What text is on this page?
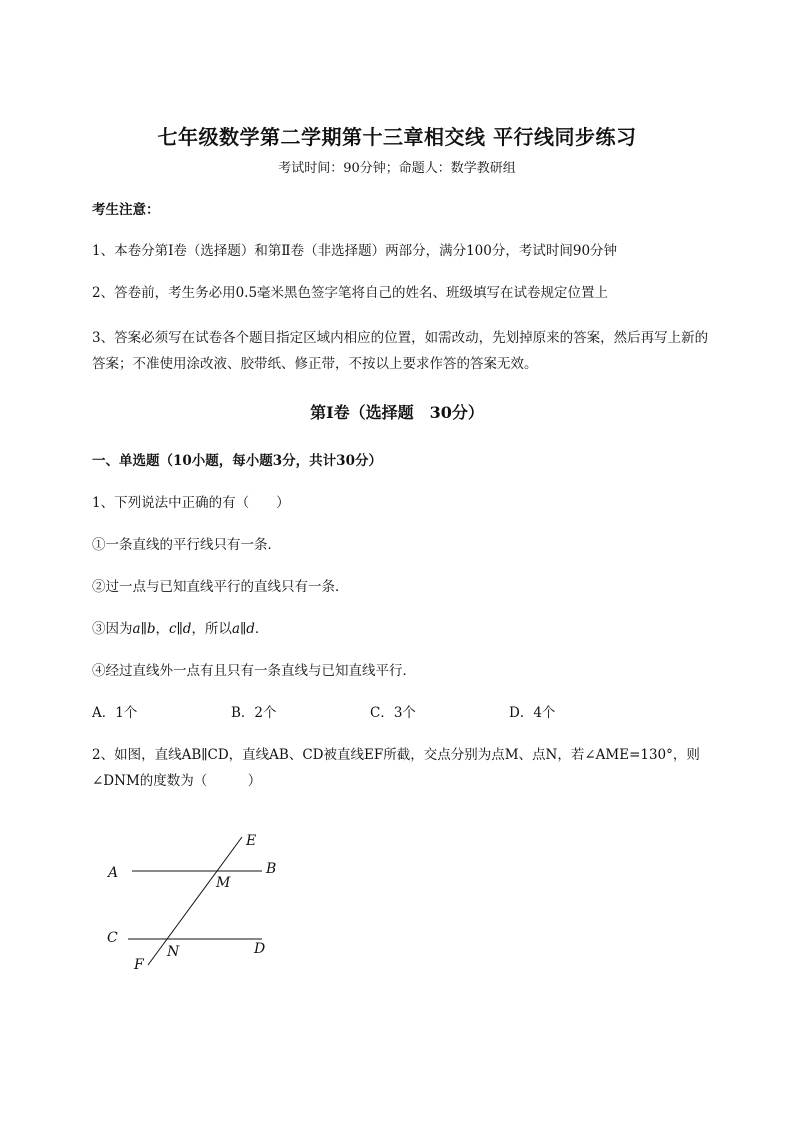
七年级数学第二学期第十三章相交线 平行线同步练习
考试时间：90分钟；命题人：数学教研组
考生注意：
1、本卷分第I卷（选择题）和第Ⅱ卷（非选择题）两部分，满分100分，考试时间90分钟
2、答卷前，考生务必用0.5毫米黑色签字笔将自己的姓名、班级填写在试卷规定位置上
3、答案必须写在试卷各个题目指定区域内相应的位置，如需改动，先划掉原来的答案，然后再写上新的答案；不准使用涂改液、胶带纸、修正带，不按以上要求作答的答案无效。
第I卷（选择题　30分）
一、单选题（10小题，每小题3分，共计30分）
1、下列说法中正确的有（　　）
①一条直线的平行线只有一条．
②过一点与已知直线平行的直线只有一条．
③因为a∥b，c∥d，所以a∥d．
④经过直线外一点有且只有一条直线与已知直线平行．
A．1个	B．2个	C．3个	D．4个
2、如图，直线AB∥CD，直线AB、CD被直线EF所截，交点分别为点M、点N，若∠AME=130°，则
∠DNM的度数为（　　　）
A	B
C
D
E
F
M
N
